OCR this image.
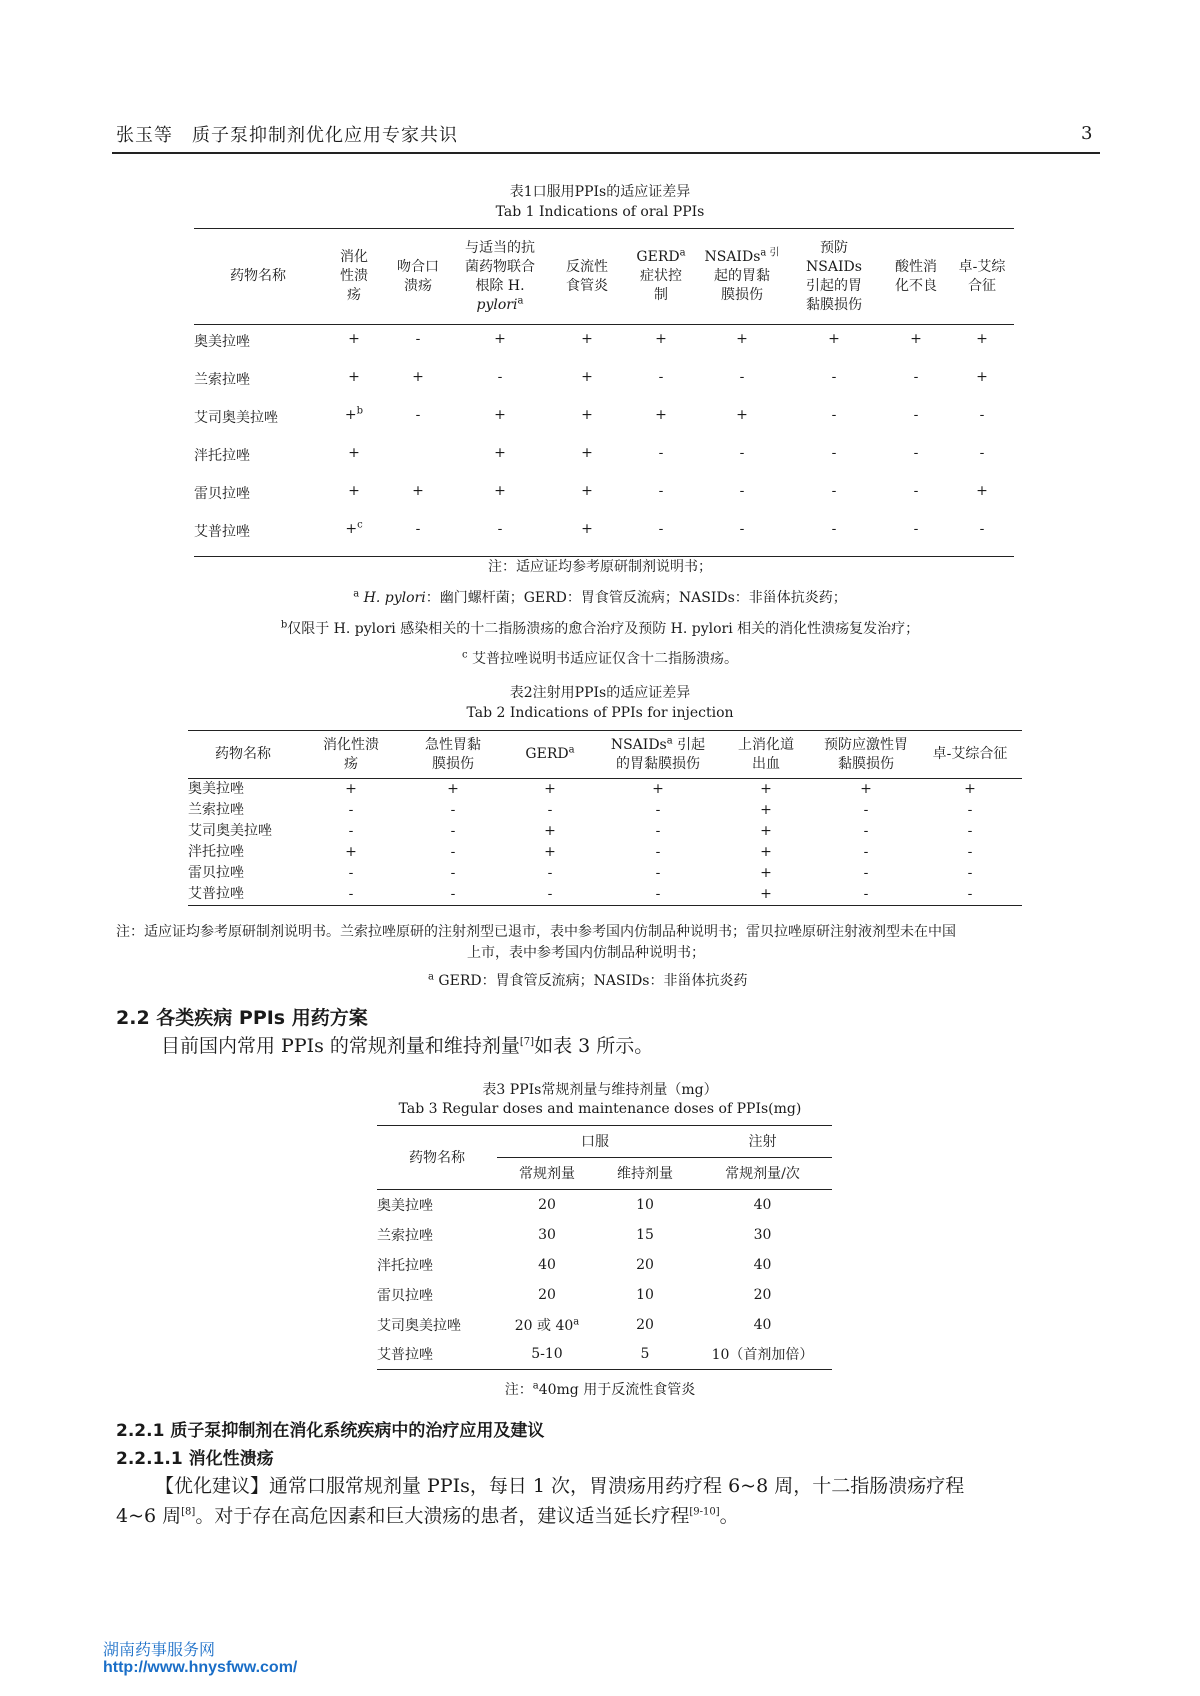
张玉等　质子泵抑制剂优化应用专家共识	3
表1口服用PPIs的适应证差异
Tab 1 Indications of oral PPIs
药物名称	消化
性溃
疡	吻合口
溃疡	与适当的抗
菌药物联合
根除 H.
pylori$^a$	反流性
食管炎	GERD$^a$
症状控
制	NSAIDs$^{a 引}$
起的胃黏
膜损伤	预防
NSAIDs
引起的胃
黏膜损伤	酸性消
化不良	卓-艾综
合征
奥美拉唑	+	-	+	+	+	+	+	+	+
兰索拉唑	+	+	-	+	-	-	-	-	+
艾司奥美拉唑	+$^b$	-	+	+	+	+	-	-	-
泮托拉唑	+		+	+	-	-	-	-	-
雷贝拉唑	+	+	+	+	-	-	-	-	+
艾普拉唑	+$^c$	-	-	+	-	-	-	-	-
注：适应证均参考原研制剂说明书；
$^a$ H. pylori：幽门螺杆菌；GERD：胃食管反流病；NASIDs：非甾体抗炎药；
$^b$仅限于 H. pylori 感染相关的十二指肠溃疡的愈合治疗及预防 H. pylori 相关的消化性溃疡复发治疗；
$^c$ 艾普拉唑说明书适应证仅含十二指肠溃疡。
表2注射用PPIs的适应证差异
Tab 2 Indications of PPIs for injection
药物名称	消化性溃
疡	急性胃黏
膜损伤	GERD$^a$	NSAIDs$^a$ 引起
的胃黏膜损伤	上消化道
出血	预防应激性胃
黏膜损伤	卓-艾综合征
奥美拉唑	+	+	+	+	+	+	+
兰索拉唑	-	-	-	-	+	-	-
艾司奥美拉唑	-	-	+	-	+	-	-
泮托拉唑	+	-	+	-	+	-	-
雷贝拉唑	-	-	-	-	+	-	-
艾普拉唑	-	-	-	-	+	-	-
注：适应证均参考原研制剂说明书。兰索拉唑原研的注射剂型已退市，表中参考国内仿制品种说明书；雷贝拉唑原研注射液剂型未在中国
上市，表中参考国内仿制品种说明书；
$^a$ GERD：胃食管反流病；NASIDs：非甾体抗炎药
2.2 各类疾病 PPIs 用药方案
目前国内常用 PPIs 的常规剂量和维持剂量[7]如表 3 所示。
表3 PPIs常规剂量与维持剂量（mg）
Tab 3 Regular doses and maintenance doses of PPIs(mg)
药物名称	口服		注射
	常规剂量	维持剂量	常规剂量/次
奥美拉唑	20	10	40
兰索拉唑	30	15	30
泮托拉唑	40	20	40
雷贝拉唑	20	10	20
艾司奥美拉唑	20 或 40$^a$	20	40
艾普拉唑	5-10	5	10（首剂加倍）
注：$^a$40mg 用于反流性食管炎
2.2.1 质子泵抑制剂在消化系统疾病中的治疗应用及建议
2.2.1.1 消化性溃疡
【优化建议】通常口服常规剂量 PPIs，每日 1 次，胃溃疡用药疗程 6~8 周，十二指肠溃疡疗程
4~6 周[8]。对于存在高危因素和巨大溃疡的患者，建议适当延长疗程[9-10]。
湖南药事服务网
http://www.hnysfww.com/
